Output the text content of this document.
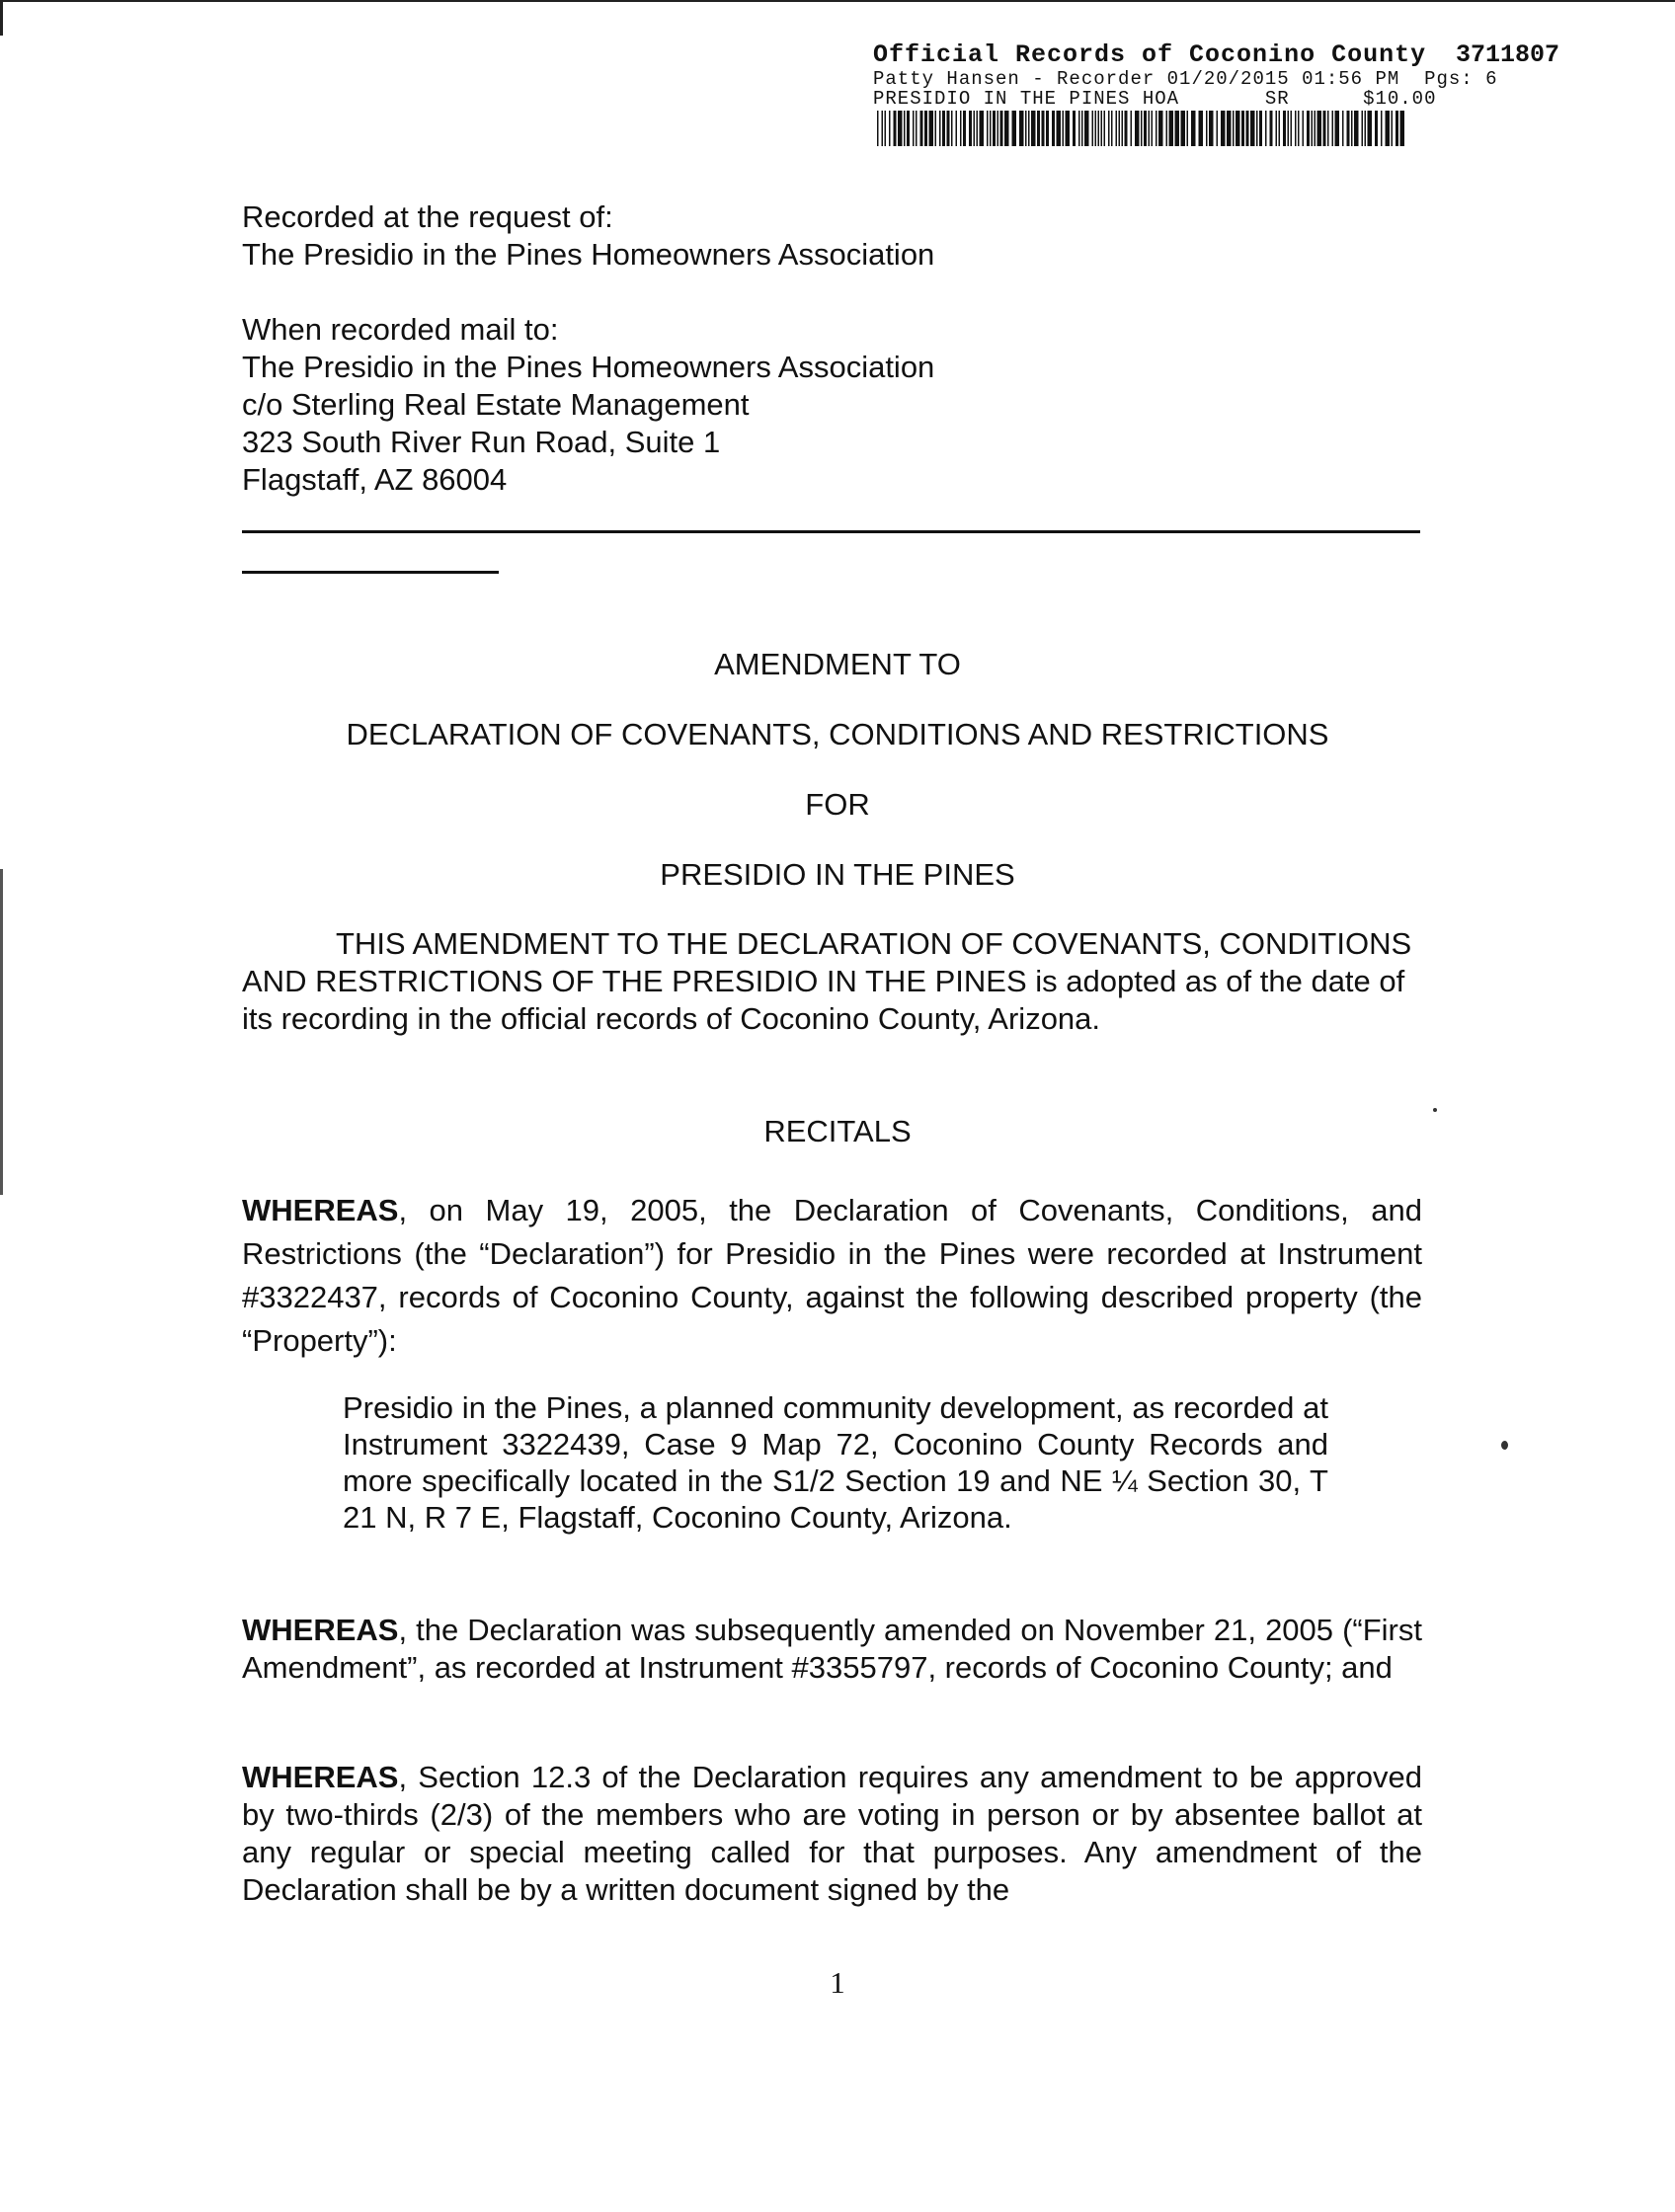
Official Records of Coconino County	3711807
Patty Hansen - Recorder 01/20/2015 01:56 PM  Pgs: 6
PRESIDIO IN THE PINES HOA       SR      $10.00
Recorded at the request of:
The Presidio in the Pines Homeowners Association
When recorded mail to:
The Presidio in the Pines Homeowners Association
c/o Sterling Real Estate Management
323 South River Run Road, Suite 1
Flagstaff, AZ 86004
AMENDMENT TO
DECLARATION OF COVENANTS, CONDITIONS AND RESTRICTIONS
FOR
PRESIDIO IN THE PINES
THIS AMENDMENT TO THE DECLARATION OF COVENANTS, CONDITIONS AND RESTRICTIONS OF THE PRESIDIO IN THE PINES is adopted as of the date of its recording in the official records of Coconino County, Arizona.
RECITALS
WHEREAS, on May 19, 2005, the Declaration of Covenants, Conditions, and Restrictions (the “Declaration”) for Presidio in the Pines were recorded at Instrument #3322437, records of Coconino County, against the following described property (the “Property”):
Presidio in the Pines, a planned community development, as recorded at Instrument 3322439, Case 9 Map 72, Coconino County Records and more specifically located in the S1/2 Section 19 and NE ¼ Section 30, T 21 N, R 7 E, Flagstaff, Coconino County, Arizona.
WHEREAS, the Declaration was subsequently amended on November 21, 2005 (“First Amendment”, as recorded at Instrument #3355797, records of Coconino County; and
WHEREAS, Section 12.3 of the Declaration requires any amendment to be approved by two-thirds (2/3) of the members who are voting in person or by absentee ballot at any regular or special meeting called for that purposes. Any amendment of the Declaration shall be by a written document signed by the
1
